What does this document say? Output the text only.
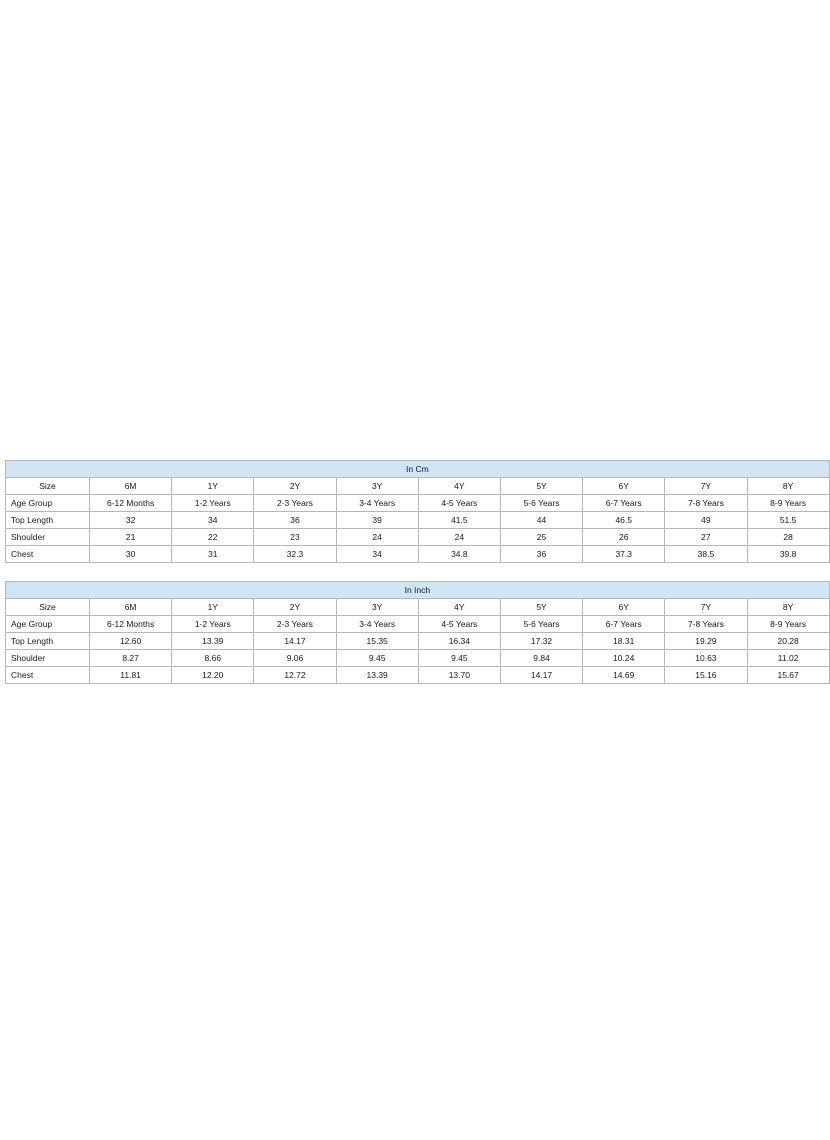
In Cm									
Size	6M	1Y	2Y	3Y	4Y	5Y	6Y	7Y	8Y
Age Group	6-12 Months	1-2 Years	2-3 Years	3-4 Years	4-5 Years	5-6 Years	6-7 Years	7-8 Years	8-9 Years
Top Length	32	34	36	39	41.5	44	46.5	49	51.5
Shoulder	21	22	23	24	24	25	26	27	28
Chest	30	31	32.3	34	34.8	36	37.3	38.5	39.8
In Inch									
Size	6M	1Y	2Y	3Y	4Y	5Y	6Y	7Y	8Y
Age Group	6-12 Months	1-2 Years	2-3 Years	3-4 Years	4-5 Years	5-6 Years	6-7 Years	7-8 Years	8-9 Years
Top Length	12.60	13.39	14.17	15.35	16.34	17.32	18.31	19.29	20.28
Shoulder	8.27	8.66	9.06	9.45	9.45	9.84	10.24	10.63	11.02
Chest	11.81	12.20	12.72	13.39	13.70	14.17	14.69	15.16	15.67
